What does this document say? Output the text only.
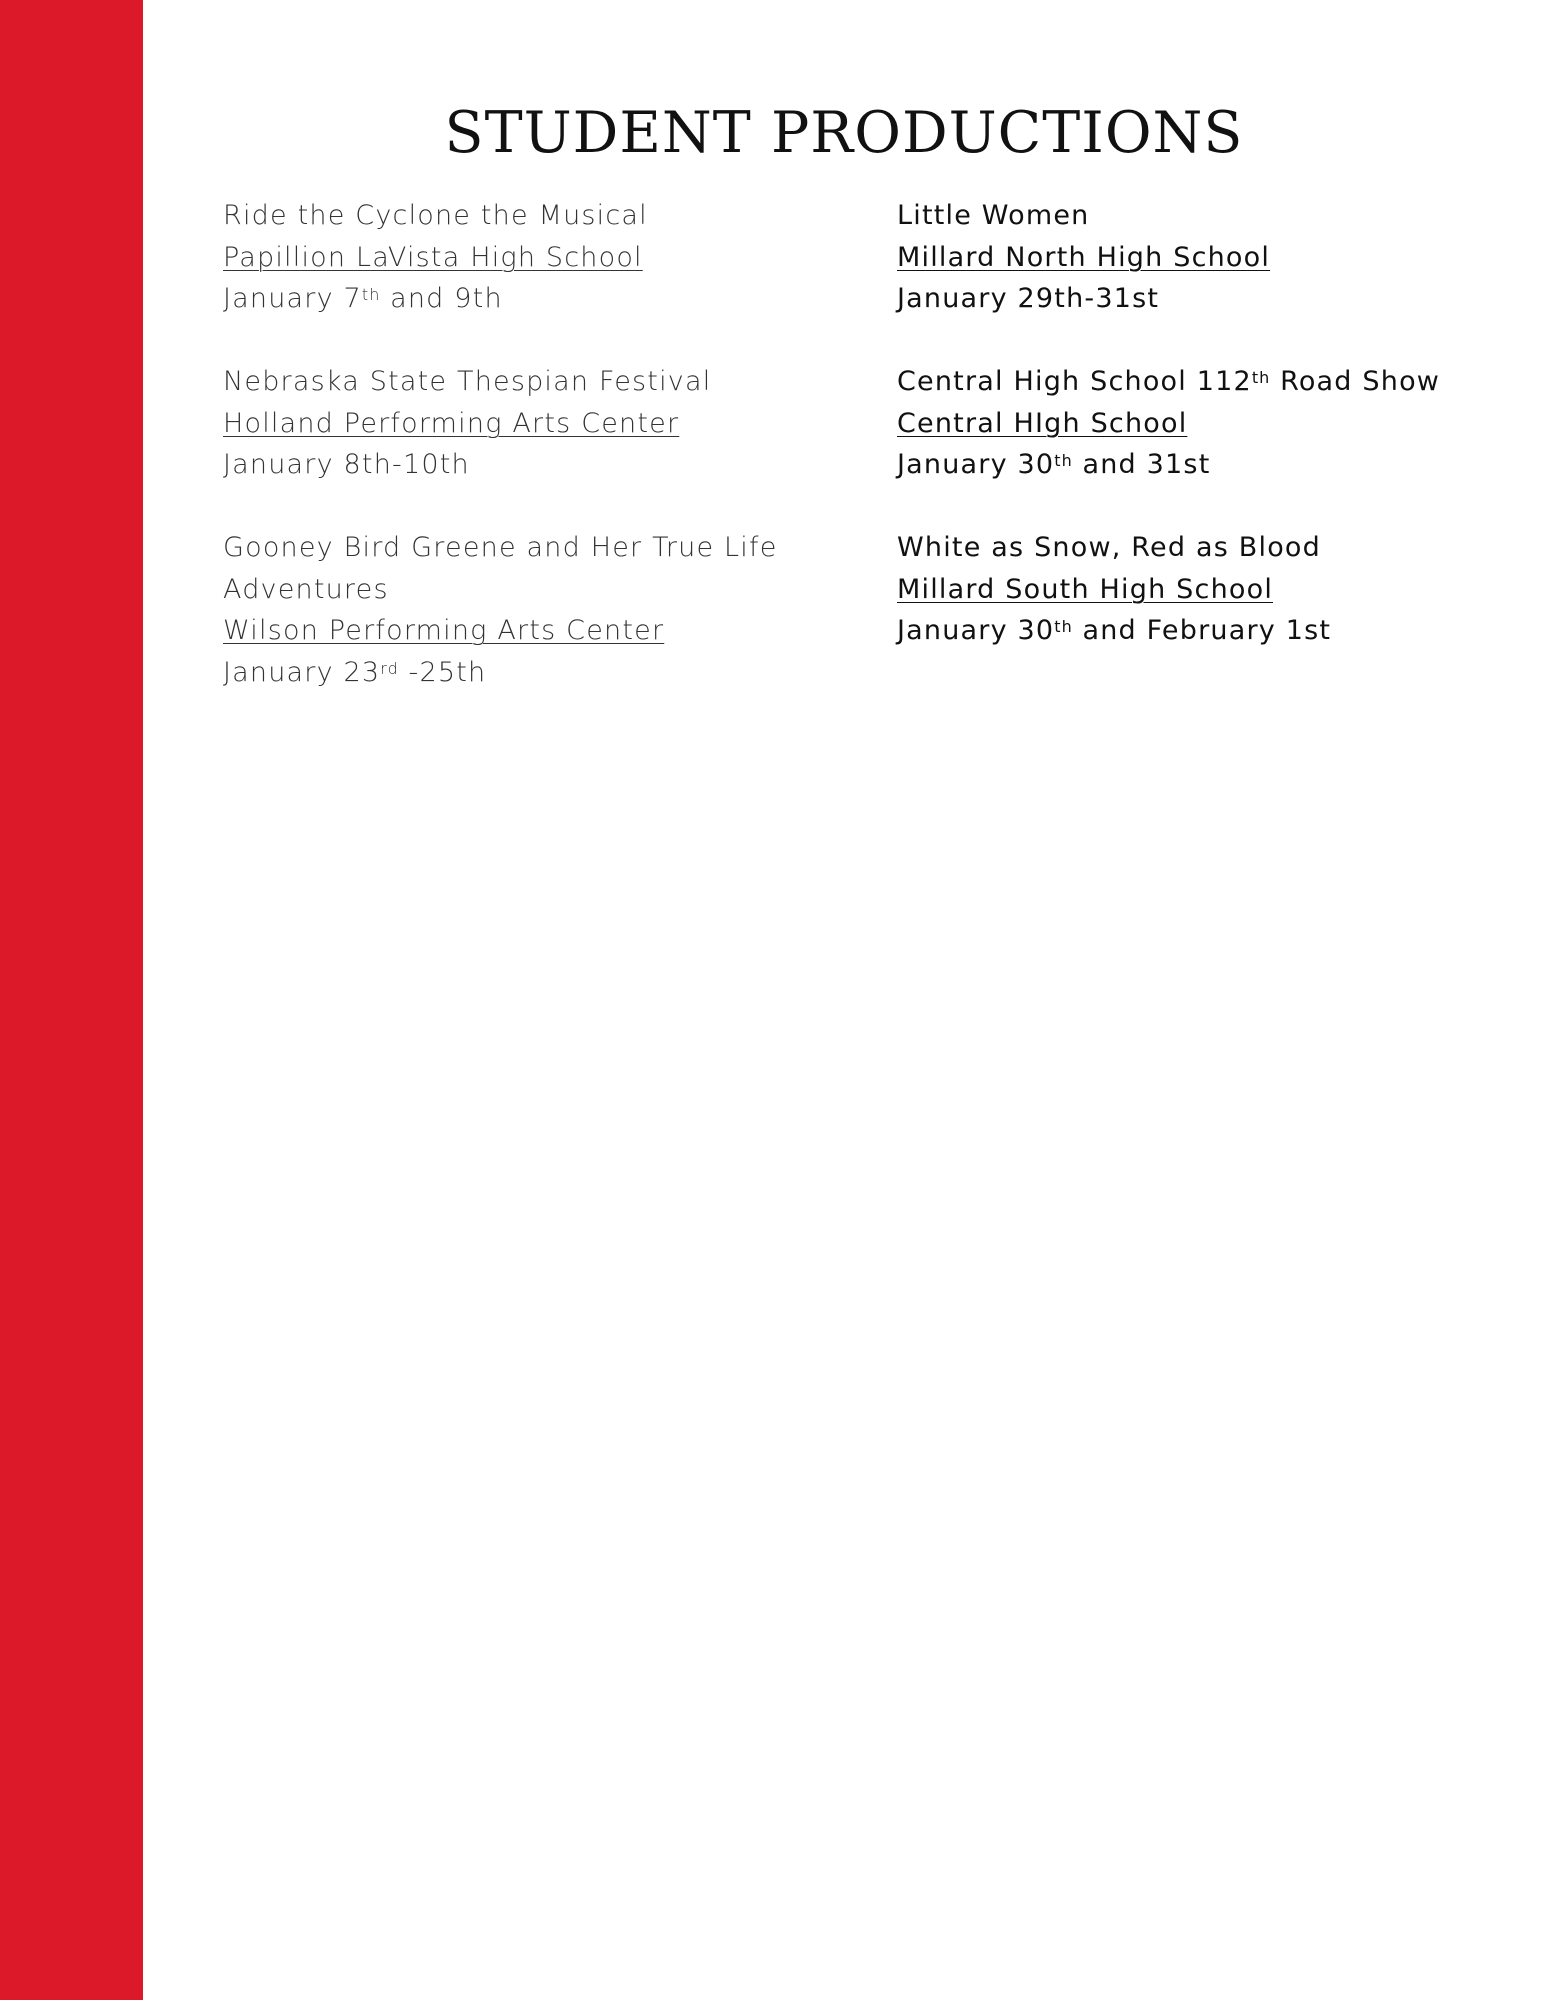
STUDENT PRODUCTIONS
Ride the Cyclone the Musical
Papillion LaVista High School
January 7th and 9th
Nebraska State Thespian Festival
Holland Performing Arts Center
January 8th-10th
Gooney Bird Greene and Her True Life Adventures
Wilson Performing Arts Center
January 23rd -25th
Little Women
Millard North High School
January 29th-31st
Central High School 112th Road Show
Central HIgh School
January 30th and 31st
White as Snow, Red as Blood
Millard South High School
January 30th and February 1st
